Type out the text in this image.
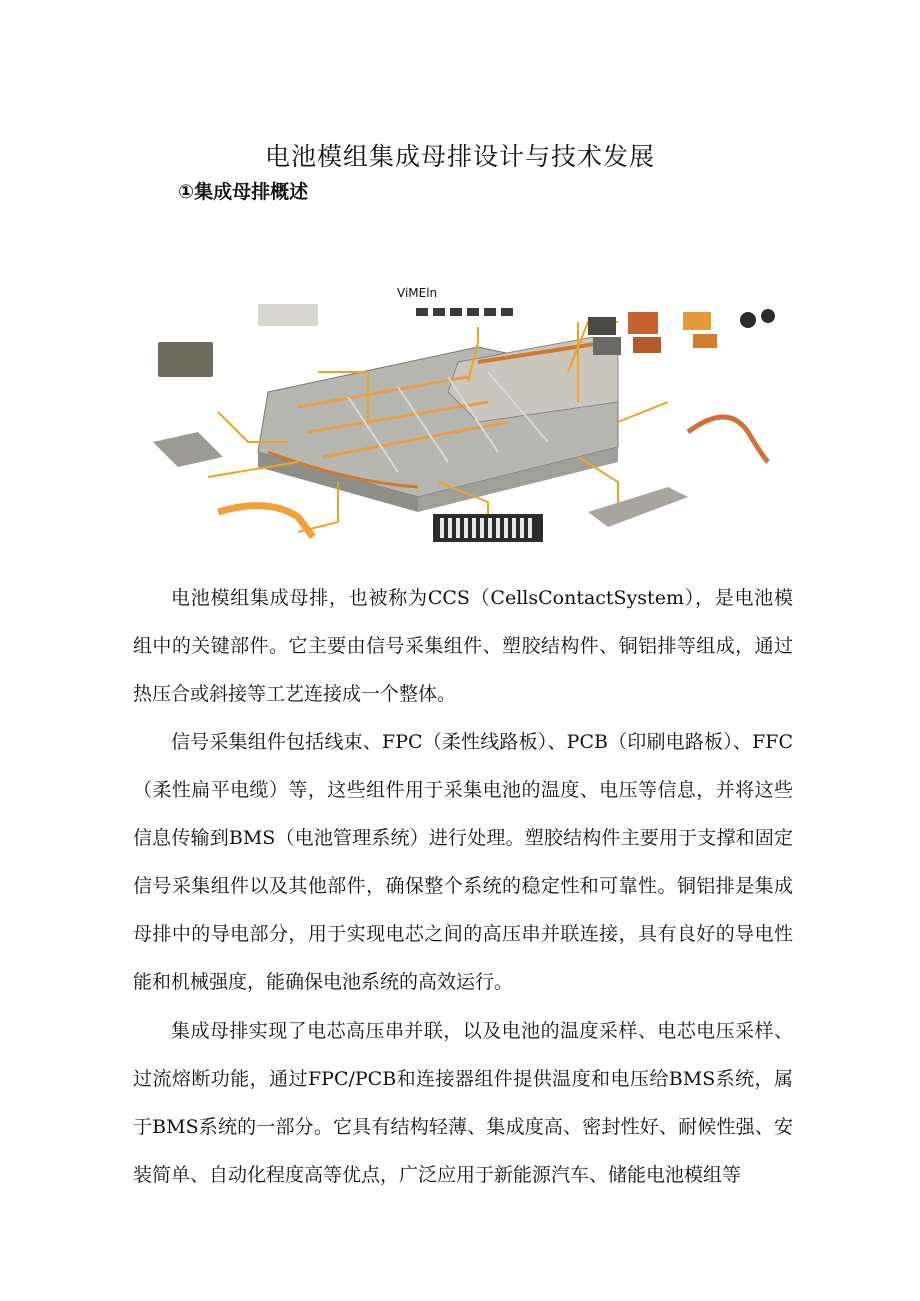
电池模组集成母排设计与技术发展
①集成母排概述
ViMEln

电池模组集成母排，也被称为CCS（CellsContactSystem），是电池模组中的关键部件。它主要由信号采集组件、塑胶结构件、铜铝排等组成，通过热压合或斜接等工艺连接成一个整体。

信号采集组件包括线束、FPC（柔性线路板）、PCB（印刷电路板）、FFC（柔性扁平电缆）等，这些组件用于采集电池的温度、电压等信息，并将这些信息传输到BMS（电池管理系统）进行处理。塑胶结构件主要用于支撑和固定信号采集组件以及其他部件，确保整个系统的稳定性和可靠性。铜铝排是集成母排中的导电部分，用于实现电芯之间的高压串并联连接，具有良好的导电性能和机械强度，能确保电池系统的高效运行。

集成母排实现了电芯高压串并联，以及电池的温度采样、电芯电压采样、过流熔断功能，通过FPC/PCB和连接器组件提供温度和电压给BMS系统，属于BMS系统的一部分。它具有结构轻薄、集成度高、密封性好、耐候性强、安装简单、自动化程度高等优点，广泛应用于新能源汽车、储能电池模组等
